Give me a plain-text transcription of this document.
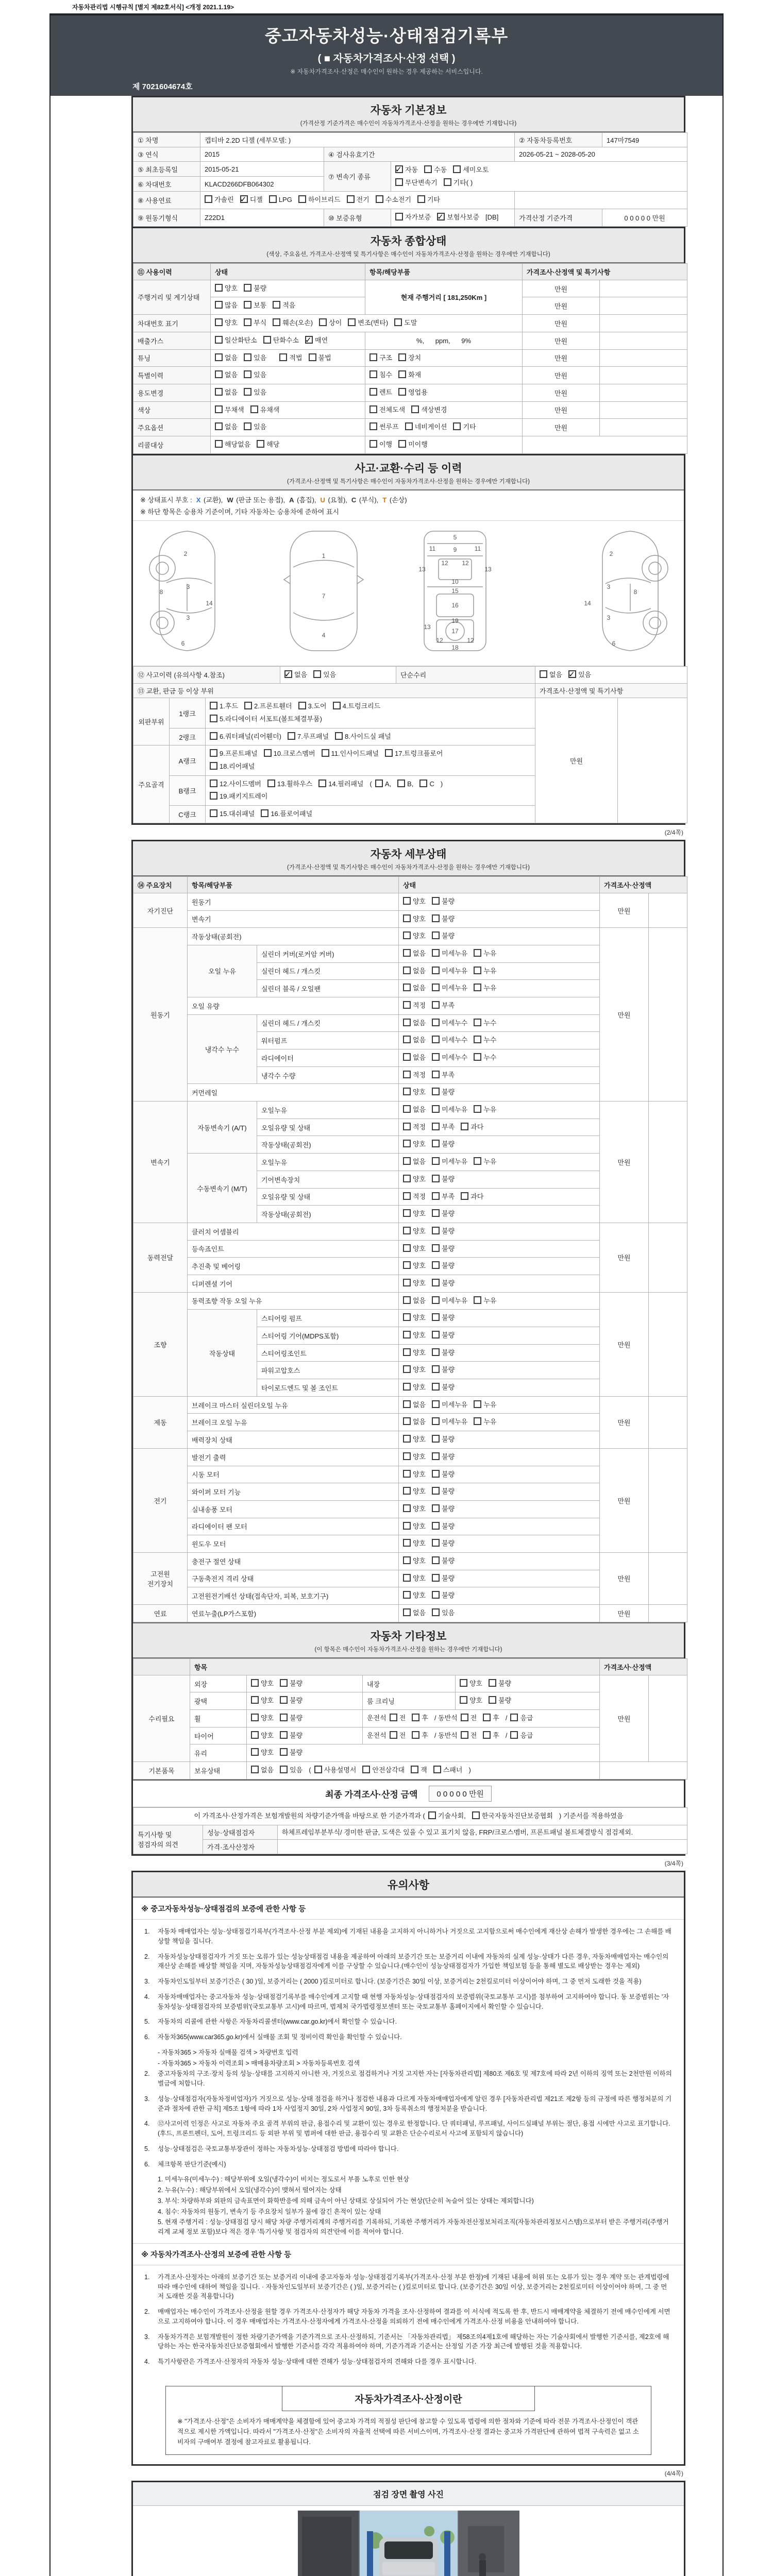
자동차관리법 시행규칙 [별지 제82호서식] <개정 2021.1.19>
중고자동차성능·상태점검기록부
( ■ 자동차가격조사·산정 선택 )
※ 자동차가격조사·산정은 매수인이 원하는 경우 제공하는 서비스입니다.
제 7021604674호
자동차 기본정보
(가격산정 기준가격은 매수인이 자동차가격조사·산정을 원하는 경우에만 기재합니다)
① 차명	캡티바 2.2D 디젤 (세부모델: )			② 자동차등록번호	147마7549
③ 연식	2015	④ 검사유효기간		2026-05-21 ~ 2028-05-20	
⑤ 최초등록일	2015-05-21	⑦ 변속기 종류	
✓자동 수동 세미오토
무단변속기 기타( )

⑥ 차대번호	KLACD266DFB064302				
⑧ 사용연료	가솔린 ✓ 디젤 LPG 하이브리드 전기 수소전기 기타

⑨ 원동기형식	Z22D1	⑩ 보증유형	자가보증 ✓ 보험사보증 [DB]	가격산정 기준가격	0 0 0 0 0 만원
자동차 종합상태
(색상, 주요옵션, 가격조사·산정액 및 특기사항은 매수인이 자동차가격조사·산정을 원하는 경우에만 기재합니다)
⑪ 사용이력	상태	항목/해당부품	가격조사·산정액 및 특기사항	
주행거리 및 계기상태	양호 불량	현재 주행거리 [ 181,250Km ]	만원	

	많음 보통 적음		만원	
차대번호 표기	양호 부식 훼손(오손) 상이 변조(변타) 도말		만원	
배출가스	일산화탄소 탄화수소 ✓ 매연	%,      ppm,      9%	만원	
튜닝	없음 있음 적법 불법	구조 장치	만원	
특별이력	없음 있음	침수 화재	만원	
용도변경	없음 있음	렌트 영업용	만원	
색상	무채색 유채색	전체도색 색상변경	만원	
주요옵션	없음 있음	썬루프 네비게이션 기타	만원	
리콜대상	해당없음 해당	이행 미이행		

사고·교환·수리 등 이력
(가격조사·산정액 및 특기사항은 매수인이 자동차가격조사·산정을 원하는 경우에만 기재합니다)
※ 상태표시 부호 : X (교환), W (판금 또는 용접), A (흠집), U (요철), C (부식), T (손상)
※ 하단 항목은 승용차 기준이며, 기타 자동차는 승용차에 준하여 표시
2
8
3
14
3
6
1
7
4
5
9
11	11
13	13
12 12
10
15
16
19
17
13
12	12
18
2
3
8
14
3
6
⑫ 사고이력 (유의사항 4.참조)	
✓없음 있음	단순수리	없음 ✓ 있음
⑬ 교환, 판금 등 이상 부위	가격조사·산정액 및 특기사항
외판부위	1랭크	1.후드 2.프론트휀더 3.도어 4.트렁크리드
5.라디에이터 서포트(볼트체결부품)	만원	
	2랭크	6.쿼터패널(리어휀더) 7.루프패널 8.사이드실 패널		

주요골격	A랭크	9.프론트패널 10.크로스멤버 11.인사이드패널 17.트렁크플로어
18.리어패널		

	B랭크	12.사이드멤버 13.휠하우스 14.필러패널 ( A, B, C )
19.패키지트레이		

	C랭크	15.대쉬패널 16.플로어패널		
(2/4쪽)
자동차 세부상태
(가격조사·산정액 및 특기사항은 매수인이 자동차가격조사·산정을 원하는 경우에만 기재합니다)
⑭ 주요장치	항목/해당부품		상태	가격조사·산정액	
자기진단	원동기		양호 불량	만원	
	변속기		양호 불량		

원동기	작동상태(공회전)		양호 불량	만원	
	오일 누유	실린더 커버(로커암 커버)	없음 미세누유 누유		

		실린더 헤드 / 개스킷	없음 미세누유 누유		

		실린더 블록 / 오일팬	없음 미세누유 누유		

	오일 유량		적정 부족		

	냉각수 누수	실린더 헤드 / 개스킷	없음 미세누수 누수		

		워터펌프	없음 미세누수 누수		

		라디에이터	없음 미세누수 누수		

		냉각수 수량	적정 부족		

	커먼레일		양호 불량		

변속기	자동변속기 (A/T)	오일누유	없음 미세누유 누유	만원	
		오일유량 및 상태	적정 부족 과다		

		작동상태(공회전)	양호 불량		

	수동변속기 (M/T)	오일누유	없음 미세누유 누유		

		기어변속장치	양호 불량		

		오일유량 및 상태	적정 부족 과다		

		작동상태(공회전)	양호 불량		

동력전달	클러치 어셈블리		양호 불량	만원	
	등속죠인트		양호 불량		

	추진축 및 베어링		양호 불량		

	디퍼렌셜 기어		양호 불량		

조향	동력조향 작동 오일 누유		없음 미세누유 누유	만원	
	작동상태	스티어링 펌프	양호 불량		

		스티어링 기어(MDPS포함)	양호 불량		

		스티어링조인트	양호 불량		

		파워고압호스	양호 불량		

		타이로드엔드 및 볼 조인트	양호 불량		

제동	브레이크 마스터 실린더오일 누유		없음 미세누유 누유	만원	
	브레이크 오일 누유		없음 미세누유 누유		

	배력장치 상태		양호 불량		

전기	발전기 출력		양호 불량	만원	
	시동 모터		양호 불량		

	와이퍼 모터 기능		양호 불량		

	실내송풍 모터		양호 불량		

	라디에이터 팬 모터		양호 불량		

	윈도우 모터		양호 불량		

고전원 전기장치	충전구 절연 상태		양호 불량	만원	
	구동축전지 격리 상태		양호 불량		

	고전원전기배선 상태(접속단자, 피복, 보호기구)		양호 불량		

연료	연료누출(LP가스포함)		없음 있음	만원	
자동차 기타정보
(이 항목은 매수인이 자동차가격조사·산정을 원하는 경우에만 기재합니다)
	항목				가격조사·산정액	
수리필요	외장	양호 불량	내장	양호 불량	만원	
	광택	양호 불량	룸 크리닝	양호 불량		

	휠	양호 불량	운전석 전 후 / 동반석 전 후 / 응급			

	타이어	양호 불량	운전석 전 후 / 동반석 전 후 / 응급			

	유리	양호 불량				

기본품목	보유상태	없음 있음 ( 사용설명서 안전삼각대 잭 스패너 )				

최종 가격조사·산정 금액	0 0 0 0 0 만원
이 가격조사·산정가격은 보험개발원의 차량기준가액을 바탕으로 한 기준가격과 ( 기술사회, 한국자동차진단보증협회 ) 기준서를 적용하였음
특기사항 및 점검자의 의견	성능·상태점검자	하체프레임부분부식/ 경미한 판금, 도색은 있을 수 있고 표기치 않음, FRP/크로스멤버, 프론트패널 볼트체결방식 점검제외.
	가격·조사산정자	
(3/4쪽)
유의사항
※ 중고자동차성능·상태점검의 보증에 관한 사항 등
1.	자동차 매매업자는 성능·상태점검기록부(가격조사·산정 부분 제외)에 기재된 내용을 고지하지 아니하거나 거짓으로 고지함으로써 매수인에게 재산상 손해가 발생한 경우에는 그 손해를 배상할 책임을 집니다.
2.	자동차성능상태점검자가 거짓 또는 오류가 있는 성능상태점검 내용을 제공하여 아래의 보증기간 또는 보증거리 이내에 자동차의 실제 성능·상태가 다른 경우, 자동차매매업자는 매수인의 재산상 손해를 배상할 책임을 지며, 자동차성능상태점검자에게 이를 구상할 수 있습니다.(매수인이 성능상태점검자가 가입한 책임보험 등을 통해 별도로 배상받는 경우는 제외)
3.	자동차인도일부터 보증기간은 ( 30 )일, 보증거리는 ( 2000 )킬로미터로 합니다. (보증기간은 30일 이상, 보증거리는 2천킬로미터 이상이어야 하며, 그 중 먼저 도래한 것을 적용)
4.	자동차매매업자는 중고자동차 성능·상태점검기록부를 매수인에게 고지할 때 현행 자동차성능·상태점검자의 보증범위(국토교통부 고시)를 첨부하여 고지하여야 합니다. 동 보증범위는 '자동차성능·상태점검자의 보증범위'(국토교통부 고시)에 따르며, 법제처 국가법령정보센터 또는 국토교통부 홈페이지에서 확인할 수 있습니다.
5.	자동차의 리콜에 관한 사항은 자동차리콜센터(www.car.go.kr)에서 확인할 수 있습니다.
6.	자동차365(www.car365.go.kr)에서 실매물 조회 및 정비이력 확인을 확인할 수 있습니다.
- 자동차365 > 자동차 실매물 검색 > 차량번호 입력
- 자동차365 > 자동차 이력조회 > 매매용차량조회 > 자동차등록번호 검색
2.	중고자동차의 구조·장치 등의 성능·상태를 고지하지 아니한 자, 거짓으로 점검하거나 거짓 고지한 자는 [자동차관리법] 제80조 제6호 및 제7호에 따라 2년 이하의 징역 또는 2천만원 이하의 벌금에 처합니다.
3.	성능·상태점검자(자동차정비업자)가 거짓으로 성능·상태 점검을 하거나 점검한 내용과 다르게 자동차매매업자에게 알린 경우 [자동차관리법 제21조 제2항 등의 규정에 따른 행정처분의 기준과 절차에 관한 규칙] 제5조 1항에 따라 1차 사업정지 30일, 2차 사업정지 90일, 3차 등록취소의 행정처분을 받습니다.
4.	⑫사고이력 인정은 사고로 자동차 주요 골격 부위의 판금, 용접수리 및 교환이 있는 경우로 한정합니다. 단 쿼터패널, 루프패널, 사이드실패널 부위는 절단, 용접 시에만 사고로 표기합니다. (후드, 프론트펜더, 도어, 트렁크리드 등 외판 부위 및 범퍼에 대한 판금, 용접수리 및 교환은 단순수리로서 사고에 포함되지 않습니다)
5.	성능·상태점검은 국토교통부장관이 정하는 자동차성능·상태점검 방법에 따라야 합니다.
6.	체크항목 판단기준(예시)
1. 미세누유(미세누수) : 해당부위에 오일(냉각수)이 비치는 정도로서 부품 노후로 인한 현상
2. 누유(누수) : 해당부위에서 오일(냉각수)이 맺혀서 떨어지는 상태
3. 부식: 차량하부와 외판의 금속표면이 화학반응에 의해 금속이 아닌 상태로 상실되어 가는 현상(단순히 녹슬어 있는 상태는 제외합니다)
4. 침수: 자동차의 원동기, 변속기 등 주요장치 일부가 물에 잠긴 흔적이 있는 상태
5. 현재 주행거리 : 성능·상태점검 당시 해당 차량 주행거리계의 주행거리를 기록하되, 기록한 주행거리가 자동차전산정보처리조직(자동차관리정보시스템)으로부터 받은 주행거리(주행거리계 교체 정보 포함)보다 적은 경우 '특기사항 및 점검자의 의견'란에 이를 적어야 합니다.
※ 자동차가격조사·산정의 보증에 관한 사항 등
1.	가격조사·산정자는 아래의 보증기간 또는 보증거리 이내에 중고자동차 성능·상태점검기록부(가격조사·산정 부분 한정)에 기재된 내용에 허위 또는 오류가 있는 경우 계약 또는 관계법령에 따라 매수인에 대하여 책임을 집니다. · 자동차인도일부터 보증기간은 ( )일, 보증거리는 ( )킬로미터로 합니다. (보증기간은 30일 이상, 보증거리는 2천킬로미터 이상이어야 하며, 그 중 먼저 도래한 것을 적용합니다)
2.	매매업자는 매수인이 가격조사·산정을 원할 경우 가격조사·산정자가 해당 자동차 가격을 조사·산정하여 결과를 이 서식에 적도록 한 후, 반드시 매매계약을 체결하기 전에 매수인에게 서면으로 고지하여야 합니다. 이 경우 매매업자는 가격조사·산정자에게 가격조사·산정을 의뢰하기 전에 매수인에게 가격조사·산정 비용을 안내하여야 합니다.
3.	자동차가격은 보험개발원이 정한 차량기준가액을 기준가격으로 조사·산정하되, 기준서는 「자동차관리법」 제58조의4제1호에 해당하는 자는 기술사회에서 발행한 기준서를, 제2호에 해당하는 자는 한국자동차진단보증협회에서 발행한 기준서를 각각 적용하여야 하며, 기준가격과 기준서는 산정일 기준 가장 최근에 발행된 것을 적용합니다.
4.	특기사항란은 가격조사·산정자의 자동차 성능·상태에 대한 견해가 성능·상태점검자의 견해와 다를 경우 표시합니다.
자동차가격조사·산정이란
※ "가격조사·산정"은 소비자가 매매계약을 체결함에 있어 중고차 가격의 적절성 판단에 참고할 수 있도록 법령에 의한 절차와 기준에 따라 전문 가격조사·산정인이 객관적으로 제시한 가액입니다. 따라서 "가격조사·산정"은 소비자의 자율적 선택에 따른 서비스이며, 가격조사·산정 결과는 중고차 가격판단에 관하여 법적 구속력은 없고 소비자의 구매여부 결정에 참고자료로 활용됩니다.
(4/4쪽)
점검 장면 촬영 사진
